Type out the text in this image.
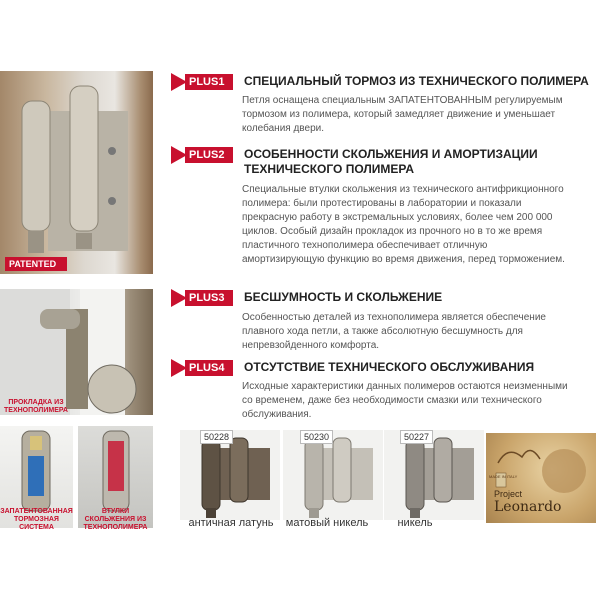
PATENTED
ПРОКЛАДКА ИЗ ТЕХНОПОЛИМЕРА
ЗАПАТЕНТОВАННАЯ ТОРМОЗНАЯ СИСТЕМА
ВТУЛКИ СКОЛЬЖЕНИЯ ИЗ ТЕХНОПОЛИМЕРА
PLUS1	СПЕЦИАЛЬНЫЙ ТОРМОЗ ИЗ ТЕХНИЧЕСКОГО ПОЛИМЕРА
Петля оснащена специальным ЗАПАТЕНТОВАННЫМ регулируемым тормозом из полимера, который замедляет движение и уменьшает колебания двери.
PLUS2	ОСОБЕННОСТИ СКОЛЬЖЕНИЯ И АМОРТИЗАЦИИ
ТЕХНИЧЕСКОГО ПОЛИМЕРА
Специальные втулки скольжения из технического антифрикционного полимера: были протестированы в лаборатории и показали прекрасную работу в экстремальных условиях, более чем 200 000 циклов. Особый дизайн прокладок из прочного но в то же время пластичного технополимера обеспечивает отличную амортизирующую функцию во время движения, перед торможением.
PLUS3	БЕСШУМНОСТЬ И СКОЛЬЖЕНИЕ
Особенностью деталей из технополимера является обеспечение плавного хода петли, а также абсолютную бесшумность для непревзойденного комфорта.
PLUS4	ОТСУТСТВИЕ ТЕХНИЧЕСКОГО ОБСЛУЖИВАНИЯ
Исходные характеристики данных полимеров остаются неизменными со временем, даже без необходимости смазки или технического обслуживания.
50228
античная латунь
50230
матовый никель
50227
никель
MADE IN ITALY
Project
Leonardo
